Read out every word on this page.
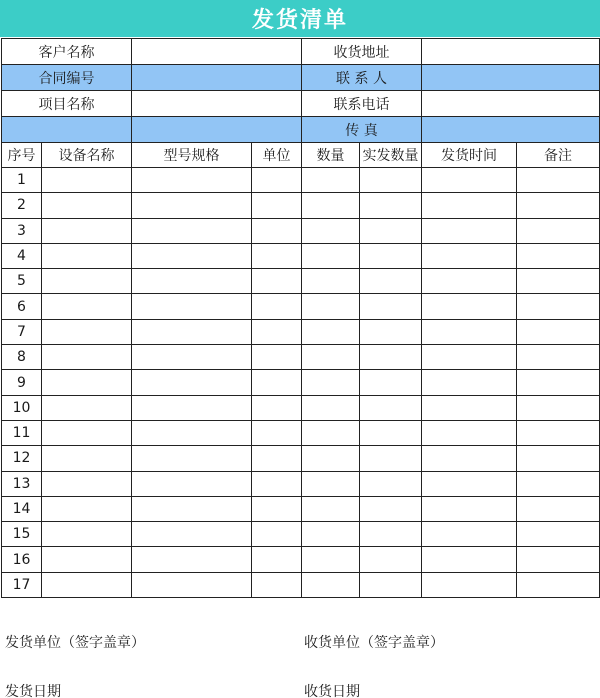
发货清单
客户名称				收货地址			
合同编号				联 系 人			
项目名称				联系电话			
				传 真			
序号	设备名称	型号规格	单位	数量	实发数量	发货时间	备注
1							
2							
3							
4							
5							
6							
7							
8							
9							
10							
11							
12							
13							
14							
15							
16							
17							
发货单位（签字盖章）	收货单位（签字盖章）
发货日期	收货日期
